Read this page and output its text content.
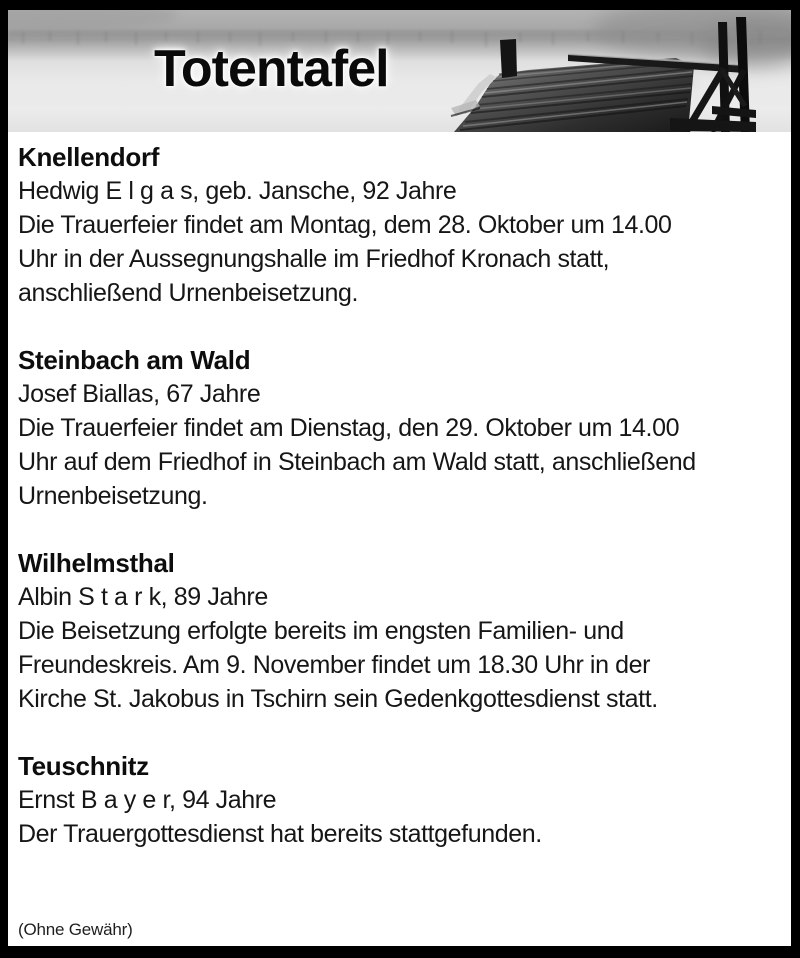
Totentafel
Knellendorf
Hedwig E l g a s, geb. Jansche, 92 Jahre
Die Trauerfeier findet am Montag, dem 28. Oktober um 14.00
Uhr in der Aussegnungshalle im Friedhof Kronach statt,
anschließend Urnenbeisetzung.
Steinbach am Wald
Josef Biallas, 67 Jahre
Die Trauerfeier findet am Dienstag, den 29. Oktober um 14.00
Uhr auf dem Friedhof in Steinbach am Wald statt, anschließend
Urnenbeisetzung.
Wilhelmsthal
Albin S t a r k, 89 Jahre
Die Beisetzung erfolgte bereits im engsten Familien- und
Freundeskreis. Am 9. November findet um 18.30 Uhr in der
Kirche St. Jakobus in Tschirn sein Gedenkgottesdienst statt.
Teuschnitz
Ernst B a y e r, 94 Jahre
Der Trauergottesdienst hat bereits stattgefunden.
(Ohne Gewähr)
